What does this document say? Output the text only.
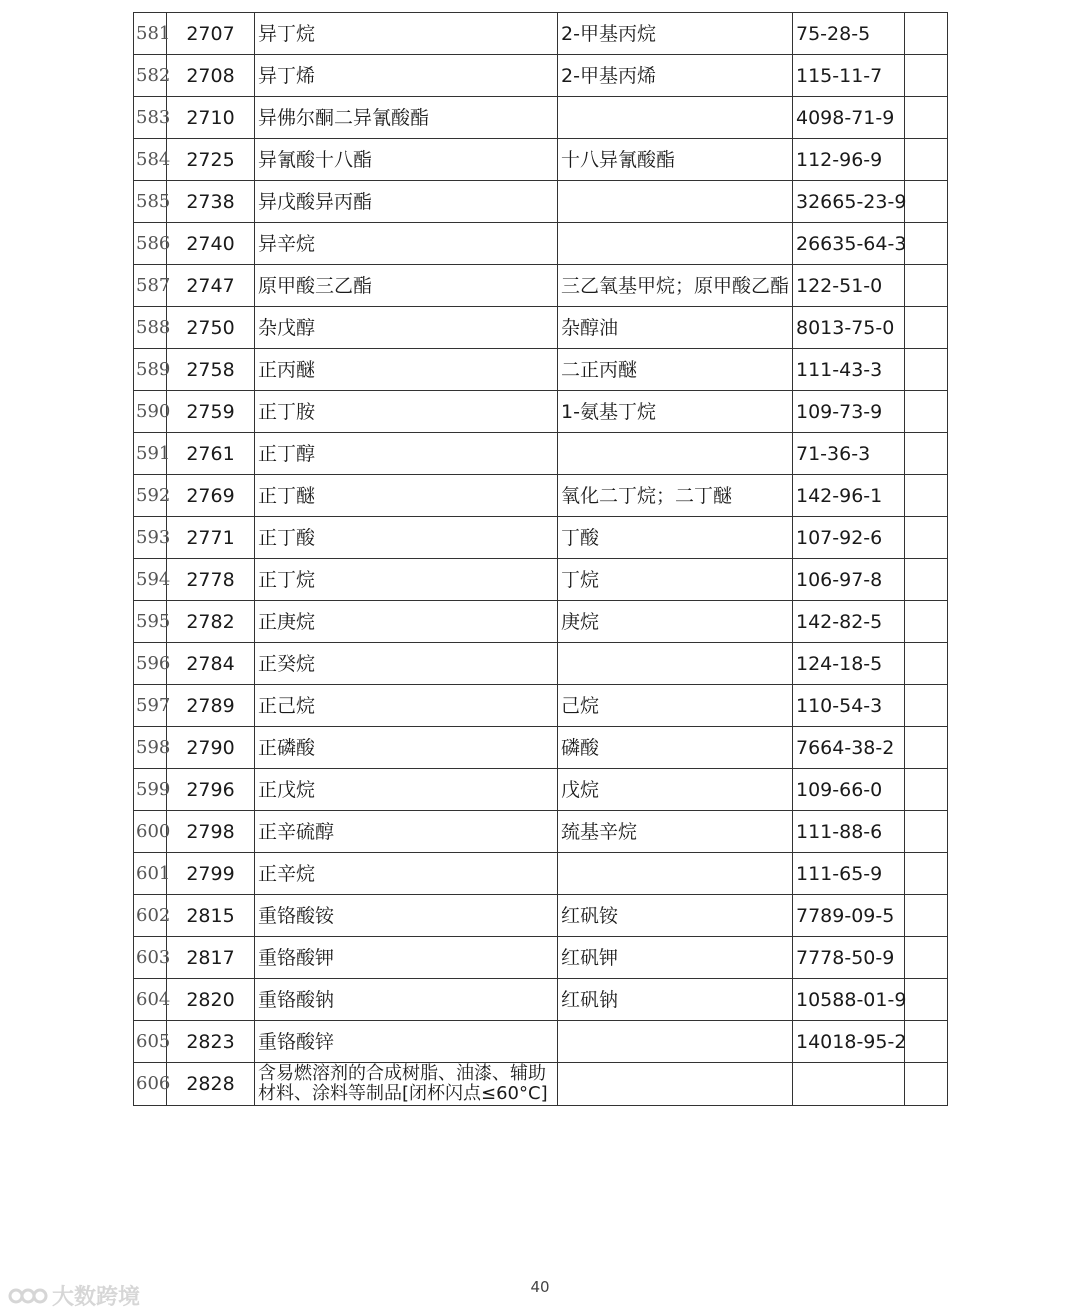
581	2707	异丁烷	2-甲基丙烷	75-28-5	
582	2708	异丁烯	2-甲基丙烯	115-11-7	
583	2710	异佛尔酮二异氰酸酯		4098-71-9	
584	2725	异氰酸十八酯	十八异氰酸酯	112-96-9	
585	2738	异戊酸异丙酯		32665-23-9	
586	2740	异辛烷		26635-64-3	
587	2747	原甲酸三乙酯	三乙氧基甲烷；原甲酸乙酯	122-51-0	
588	2750	杂戊醇	杂醇油	8013-75-0	
589	2758	正丙醚	二正丙醚	111-43-3	
590	2759	正丁胺	1-氨基丁烷	109-73-9	
591	2761	正丁醇		71-36-3	
592	2769	正丁醚	氧化二丁烷；二丁醚	142-96-1	
593	2771	正丁酸	丁酸	107-92-6	
594	2778	正丁烷	丁烷	106-97-8	
595	2782	正庚烷	庚烷	142-82-5	
596	2784	正癸烷		124-18-5	
597	2789	正己烷	己烷	110-54-3	
598	2790	正磷酸	磷酸	7664-38-2	
599	2796	正戊烷	戊烷	109-66-0	
600	2798	正辛硫醇	巯基辛烷	111-88-6	
601	2799	正辛烷		111-65-9	
602	2815	重铬酸铵	红矾铵	7789-09-5	
603	2817	重铬酸钾	红矾钾	7778-50-9	
604	2820	重铬酸钠	红矾钠	10588-01-9	
605	2823	重铬酸锌		14018-95-2	
606	2828	含易燃溶剂的合成树脂、油漆、辅助材料、涂料等制品[闭杯闪点≤60°C]			
大数跨境	40
